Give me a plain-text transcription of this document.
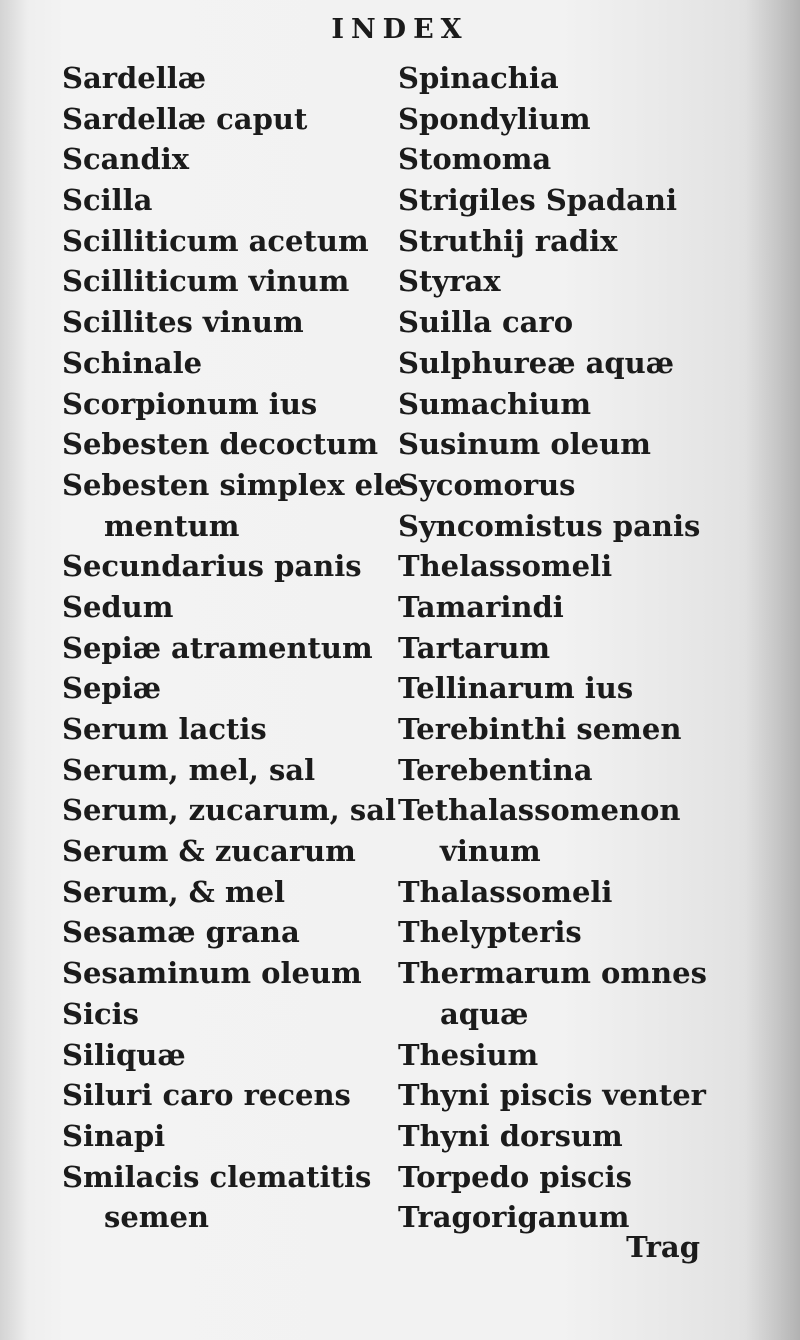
INDEX
Sardellæ
Sardellæ caput
Scandix
Scilla
Scilliticum acetum
Scilliticum vinum
Scillites vinum
Schinale
Scorpionum ius
Sebesten decoctum
Sebesten simplex ele
mentum
Secundarius panis
Sedum
Sepiæ atramentum
Sepiæ
Serum lactis
Serum, mel, sal
Serum, zucarum, sal
Serum & zucarum
Serum, & mel
Sesamæ grana
Sesaminum oleum
Sicis
Siliquæ
Siluri caro recens
Sinapi
Smilacis clematitis
semen
Spinachia
Spondylium
Stomoma
Strigiles Spadani
Struthij radix
Styrax
Suilla caro
Sulphureæ aquæ
Sumachium
Susinum oleum
Sycomorus
Syncomistus panis
Thelassomeli
Tamarindi
Tartarum
Tellinarum ius
Terebinthi semen
Terebentina
Tethalassomenon
vinum
Thalassomeli
Thelypteris
Thermarum omnes
aquæ
Thesium
Thyni piscis venter
Thyni dorsum
Torpedo piscis
Tragoriganum
Trag
